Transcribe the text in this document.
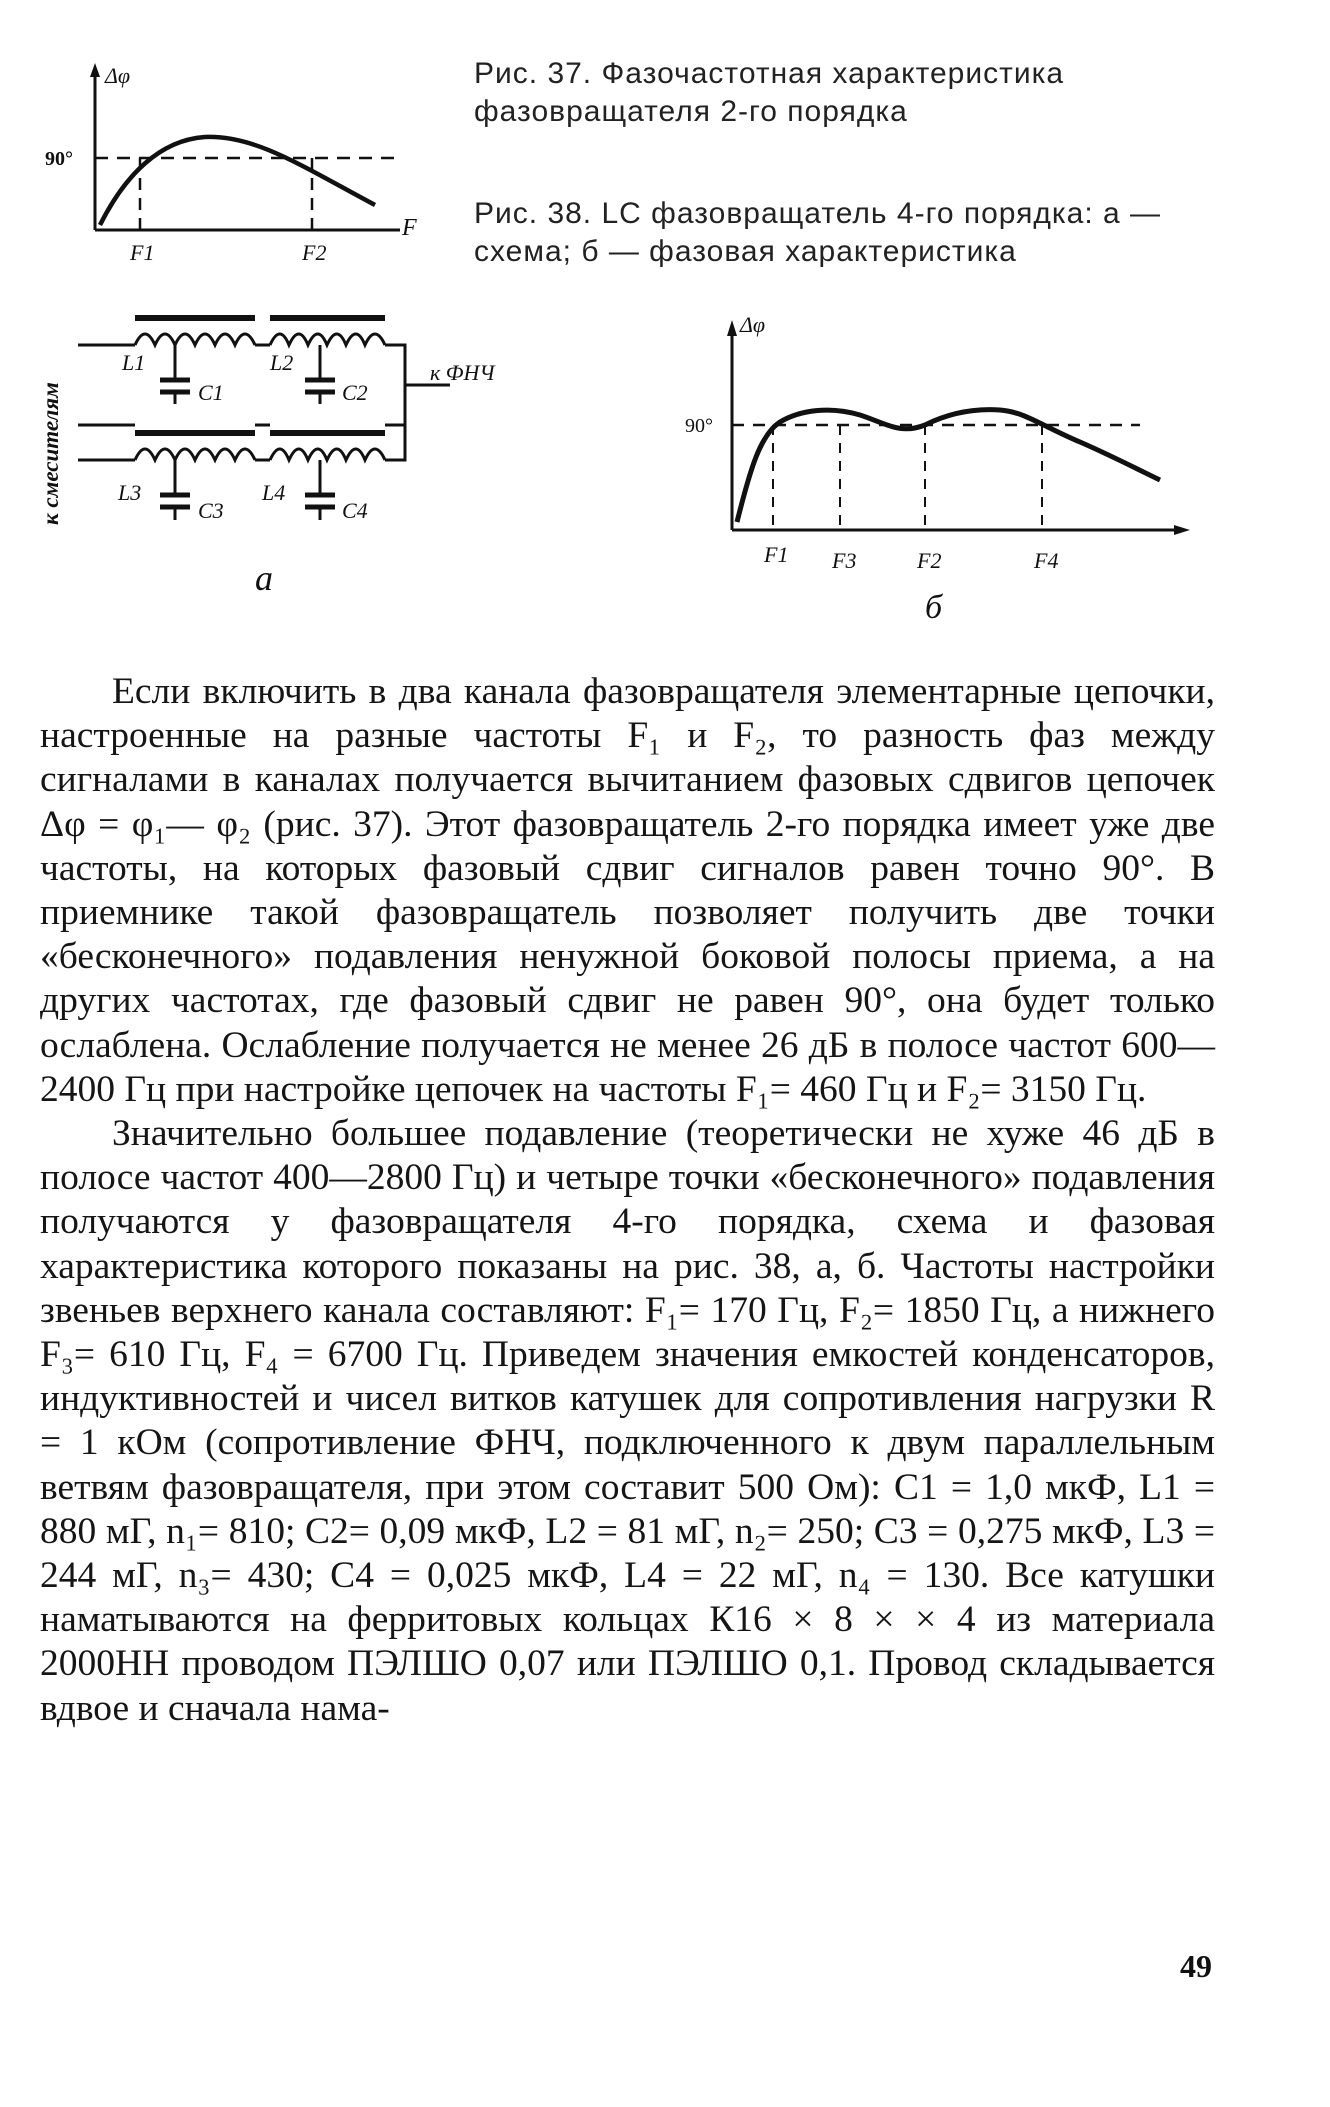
Δφ
90°
F
F1	F2
Рис. 37. Фазочастотная характеристика фазовращателя 2-го порядка
Рис. 38. LC фазовращатель 4-го порядка: а — схема; б — фазовая характеристика
к смесителям
L1
C1
L2
C2
L3
C3
L4
C4
к ФНЧ
а
Δφ
90°
F1 F3	F2	F4
б

Если включить в два канала фазовращателя элементарные цепочки, настроенные на разные частоты F₁ и F₂, то разность фаз между сигналами в каналах получается вычитанием фазовых сдвигов цепочек Δφ = φ₁— φ₂ (рис. 37). Этот фазовращатель 2-го порядка имеет уже две частоты, на которых фазовый сдвиг сигналов равен точно 90°. В приемнике такой фазовращатель позволяет получить две точки «бесконечного» подавления ненужной боковой полосы приема, а на других частотах, где фазовый сдвиг не равен 90°, она будет только ослаблена. Ослабление получается не менее 26 дБ в полосе частот 600—2400 Гц при настройке цепочек на частоты F₁= 460 Гц и F₂= 3150 Гц.

Значительно большее подавление (теоретически не хуже 46 дБ в полосе частот 400—2800 Гц) и четыре точки «бесконечного» подавления получаются у фазовращателя 4-го порядка, схема и фазовая характеристика которого показаны на рис. 38, а, б. Частоты настройки звеньев верхнего канала составляют: F₁= 170 Гц, F₂= 1850 Гц, а нижнего F₃= 610 Гц, F₄ = 6700 Гц. Приведем значения емкостей конденсаторов, индуктивностей и чисел витков катушек для сопротивления нагрузки R = 1 кОм (сопротивление ФНЧ, подключенного к двум параллельным ветвям фазовращателя, при этом составит 500 Ом): C1 = 1,0 мкФ, L1 = 880 мГ, n₁= 810; C2= 0,09 мкФ, L2 = 81 мГ, n₂= 250; C3 = 0,275 мкФ, L3 = 244 мГ, n₃= 430; C4 = 0,025 мкФ, L4 = 22 мГ, n₄ = 130. Все катушки наматываются на ферритовых кольцах К16 × 8 × × 4 из материала 2000НН проводом ПЭЛШО 0,07 или ПЭЛШО 0,1. Провод складывается вдвое и сначала нама-

49
